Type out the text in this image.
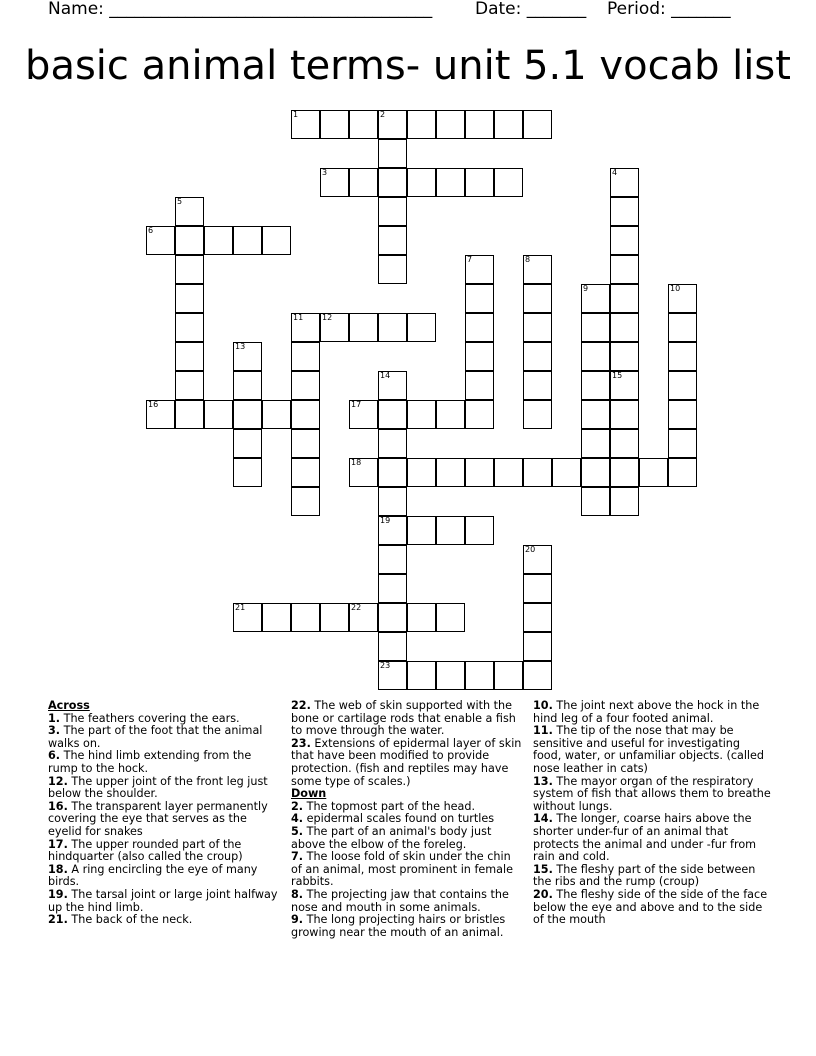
Name: ______________________________________	Date: _______ Period: _______
basic animal terms- unit 5.1 vocab list
1	2
3
6
12
16	17
18
19
21	22
23
4
5
7	8
9	10
11
13
14	15
20
Across

1. The feathers covering the ears.

3. The part of the foot that the animal walks on.

6. The hind limb extending from the rump to the hock.

12. The upper joint of the front leg just below the shoulder.

16. The transparent layer permanently covering the eye that serves as the eyelid for snakes

17. The upper rounded part of the hindquarter (also called the croup)

18. A ring encircling the eye of many birds.

19. The tarsal joint or large joint halfway up the hind limb.

21. The back of the neck.

22. The web of skin supported with the bone or cartilage rods that enable a fish to move through the water.

23. Extensions of epidermal layer of skin that have been modified to provide protection. (fish and reptiles may have some type of scales.)

Down

2. The topmost part of the head.

4. epidermal scales found on turtles

5. The part of an animal's body just above the elbow of the foreleg.

7. The loose fold of skin under the chin of an animal, most prominent in female rabbits.

8. The projecting jaw that contains the nose and mouth in some animals.

9. The long projecting hairs or bristles growing near the mouth of an animal.

10. The joint next above the hock in the hind leg of a four footed animal.

11. The tip of the nose that may be sensitive and useful for investigating food, water, or unfamiliar objects. (called nose leather in cats)

13. The mayor organ of the respiratory system of fish that allows them to breathe without lungs.

14. The longer, coarse hairs above the shorter under-fur of an animal that protects the animal and under -fur from rain and cold.

15. The fleshy part of the side between the ribs and the rump (croup)

20. The fleshy side of the side of the face below the eye and above and to the side of the mouth
